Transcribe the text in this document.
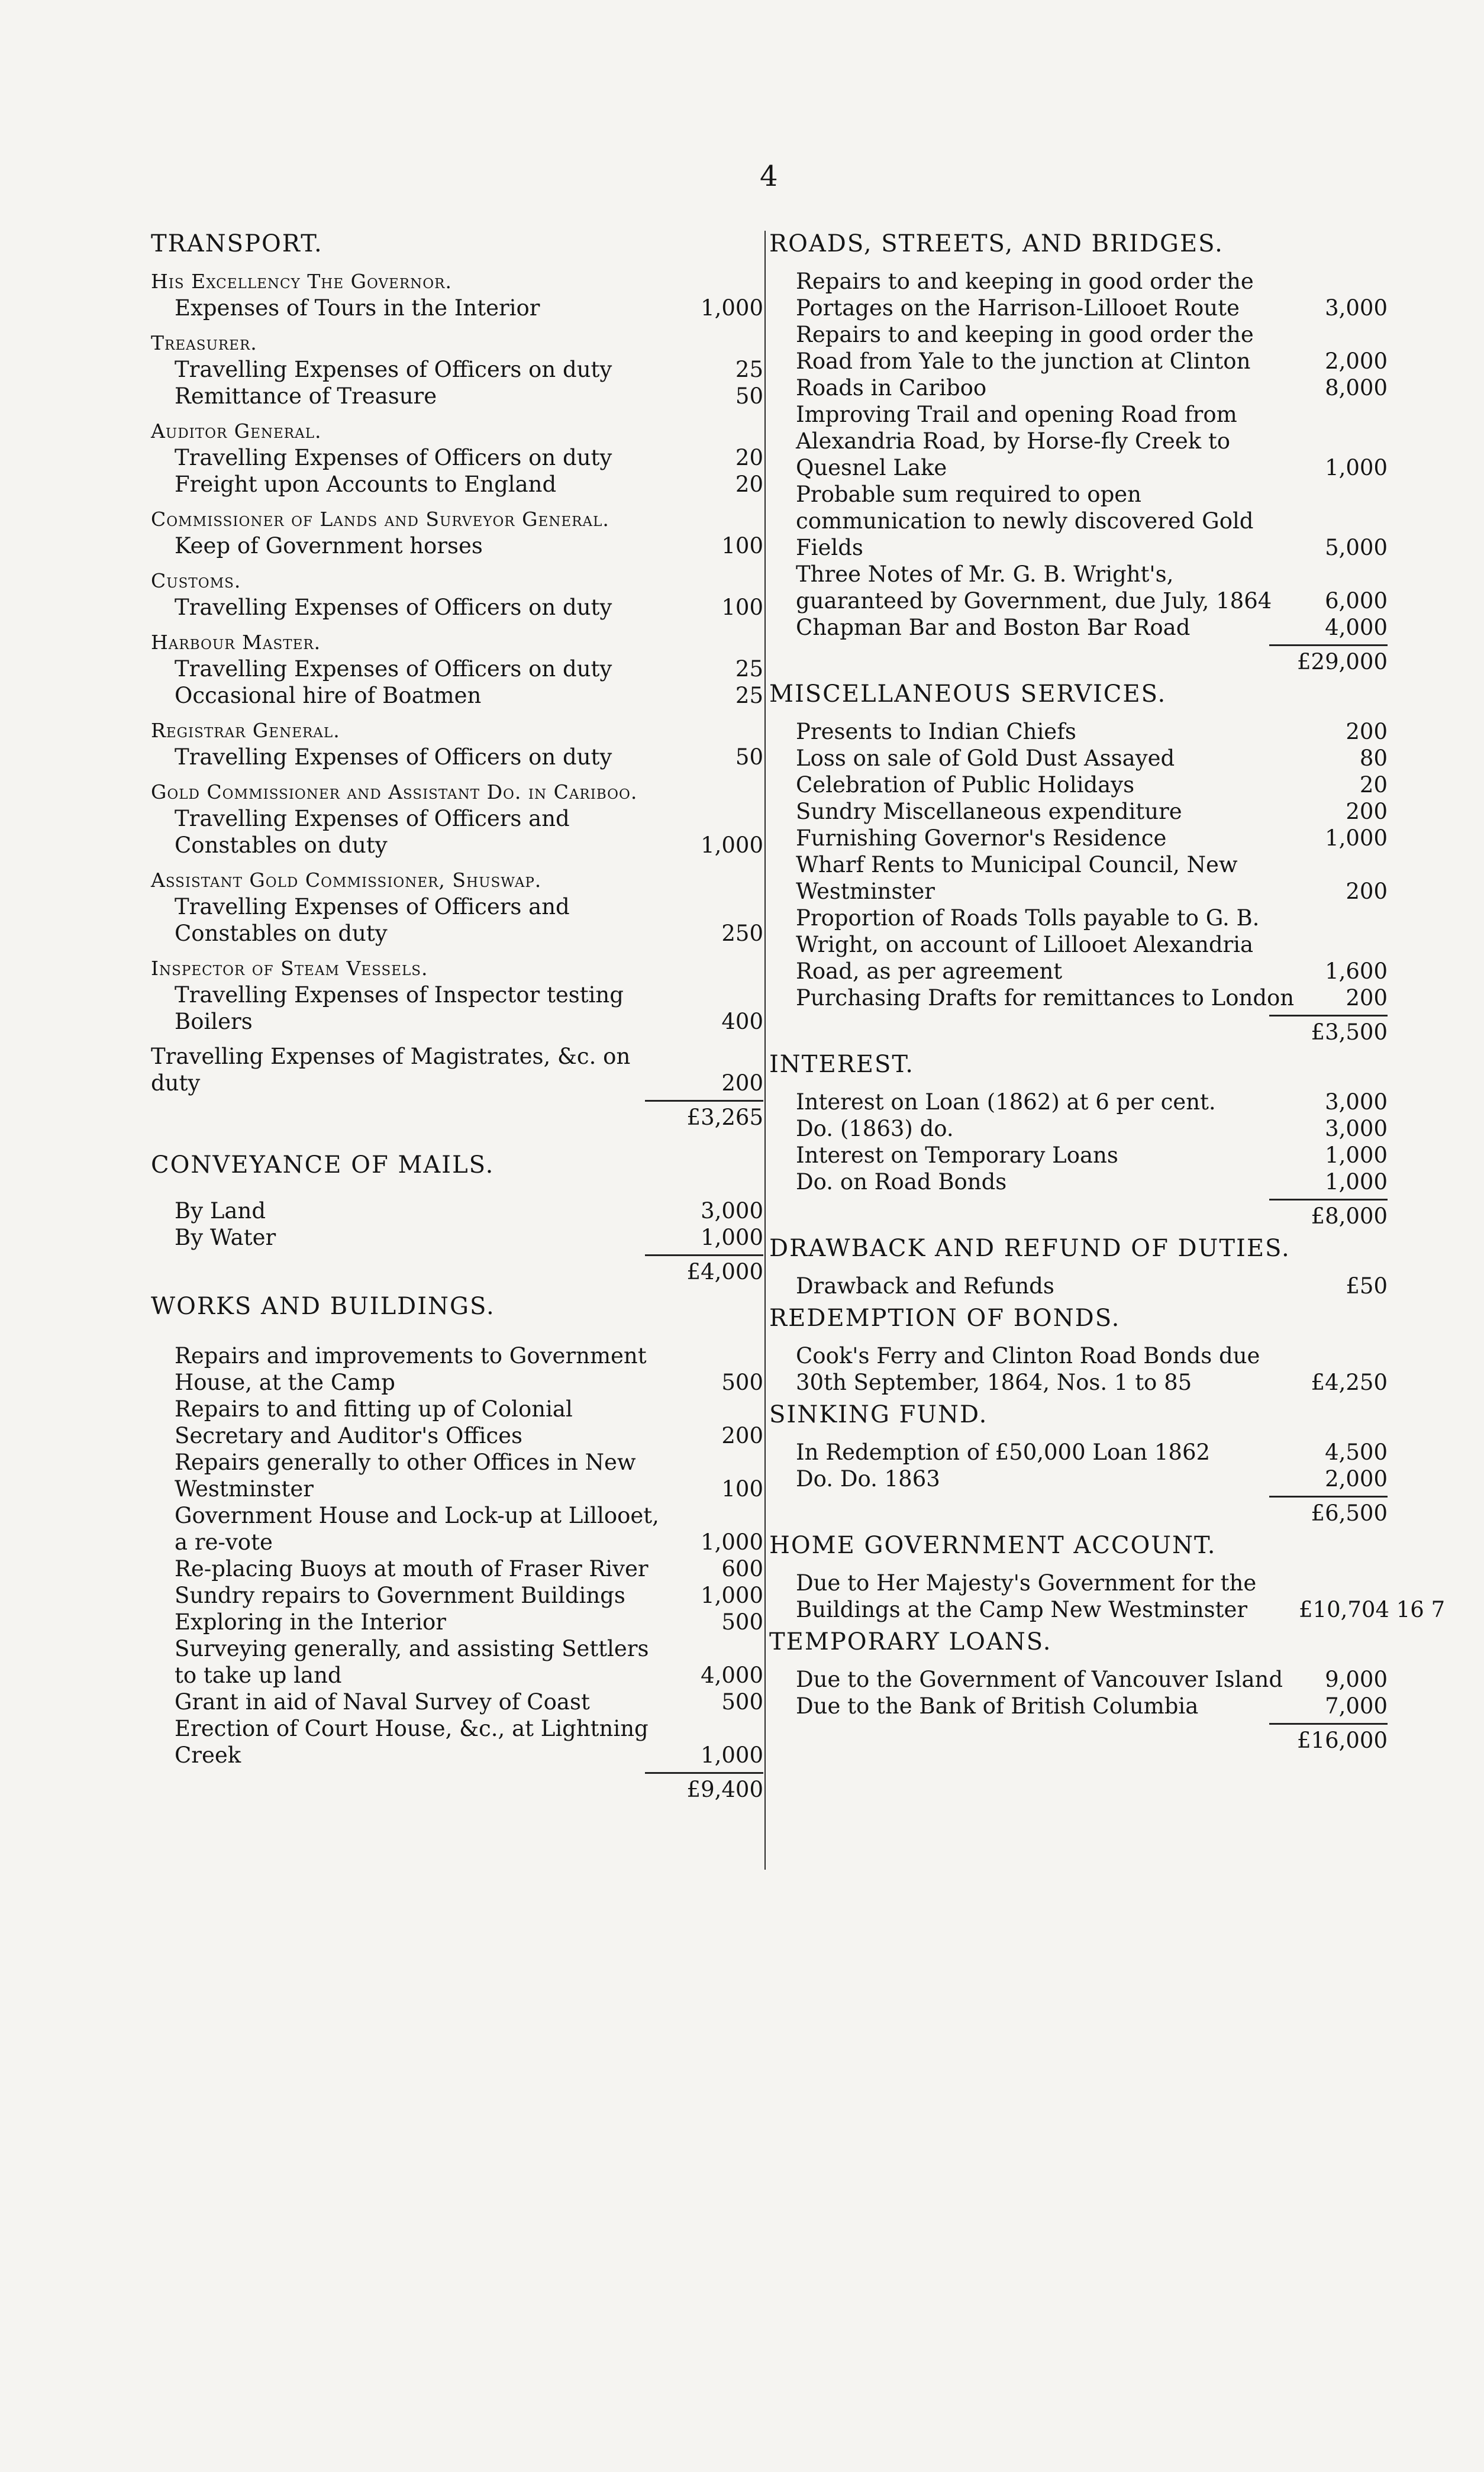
4
TRANSPORT.
His Excellency The Governor.
Expenses of Tours in the Interior	1,000
Treasurer.
Travelling Expenses of Officers on duty	25
Remittance of Treasure	50
Auditor General.
Travelling Expenses of Officers on duty	20
Freight upon Accounts to England	20
Commissioner of Lands and Surveyor General.
Keep of Government horses	100
Customs.
Travelling Expenses of Officers on duty	100
Harbour Master.
Travelling Expenses of Officers on duty	25
Occasional hire of Boatmen	25
Registrar General.
Travelling Expenses of Officers on duty	50
Gold Commissioner and Assistant Do. in Cariboo.
Travelling Expenses of Officers and Constables on duty	1,000
Assistant Gold Commissioner, Shuswap.
Travelling Expenses of Officers and Constables on duty	250
Inspector of Steam Vessels.
Travelling Expenses of Inspector testing Boilers	400
Travelling Expenses of Magistrates, &c. on duty	200
£3,265
CONVEYANCE OF MAILS.
By Land	3,000
By Water	1,000
£4,000
WORKS AND BUILDINGS.
Repairs and improvements to Government House, at the Camp	500
Repairs to and fitting up of Colonial Secretary and Auditor's Offices	200
Repairs generally to other Offices in New Westminster	100
Government House and Lock-up at Lillooet, a re-vote	1,000
Re-placing Buoys at mouth of Fraser River	600
Sundry repairs to Government Buildings	1,000
Exploring in the Interior	500
Surveying generally, and assisting Settlers to take up land	4,000
Grant in aid of Naval Survey of Coast	500
Erection of Court House, &c., at Lightning Creek	1,000
£9,400
ROADS, STREETS, AND BRIDGES.
Repairs to and keeping in good order the Portages on the Harrison-Lillooet Route	3,000
Repairs to and keeping in good order the Road from Yale to the junction at Clinton	2,000
Roads in Cariboo	8,000
Improving Trail and opening Road from Alexandria Road, by Horse-fly Creek to Quesnel Lake	1,000
Probable sum required to open communication to newly discovered Gold Fields	5,000
Three Notes of Mr. G. B. Wright's, guaranteed by Government, due July, 1864	6,000
Chapman Bar and Boston Bar Road	4,000
£29,000
MISCELLANEOUS SERVICES.
Presents to Indian Chiefs	200
Loss on sale of Gold Dust Assayed	80
Celebration of Public Holidays	20
Sundry Miscellaneous expenditure	200
Furnishing Governor's Residence	1,000
Wharf Rents to Municipal Council, New Westminster	200
Proportion of Roads Tolls payable to G. B. Wright, on account of Lillooet Alexandria Road, as per agreement	1,600
Purchasing Drafts for remittances to London	200
£3,500
INTEREST.
Interest on Loan (1862) at 6 per cent.	3,000
Do. (1863) do.	3,000
Interest on Temporary Loans	1,000
Do. on Road Bonds	1,000
£8,000
DRAWBACK AND REFUND OF DUTIES.
Drawback and Refunds	£50
REDEMPTION OF BONDS.
Cook's Ferry and Clinton Road Bonds due 30th September, 1864, Nos. 1 to 85	£4,250
SINKING FUND.
In Redemption of £50,000 Loan 1862	4,500
Do. Do. 1863	2,000
£6,500
HOME GOVERNMENT ACCOUNT.
Due to Her Majesty's Government for the Buildings at the Camp New Westminster	£10,704 16 7
TEMPORARY LOANS.
Due to the Government of Vancouver Island	9,000
Due to the Bank of British Columbia	7,000
£16,000
